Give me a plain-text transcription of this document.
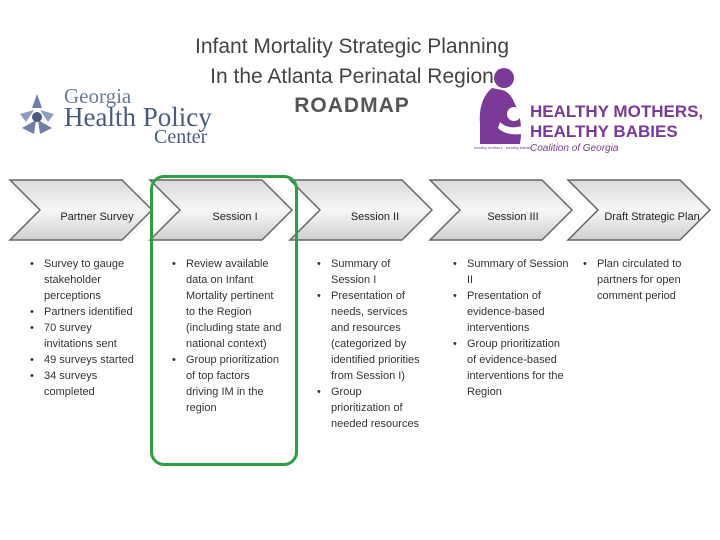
Infant Mortality Strategic Planning
In the Atlanta Perinatal Region
ROADMAP
Georgia
Health Policy
Center
HEALTHY MOTHERS,
HEALTHY BABIES
Coalition of Georgia
healthy mothers · healthy babies
Partner Survey	Session I	Session II	Session III	Draft Strategic Plan
• Survey to gauge stakeholder perceptions
• Partners identified
• 70 survey invitations sent
• 49 surveys started
• 34 surveys completed
• Review available data on Infant Mortality pertinent to the Region (including state and national context)
• Group prioritization of top factors driving IM in the region
• Summary of Session I
• Presentation of needs, services and resources (categorized by identified priorities from Session I)
• Group prioritization of needed resources
• Summary of Session II
• Presentation of evidence-based interventions
• Group prioritization of evidence-based interventions for the Region
• Plan circulated to partners for open comment period
